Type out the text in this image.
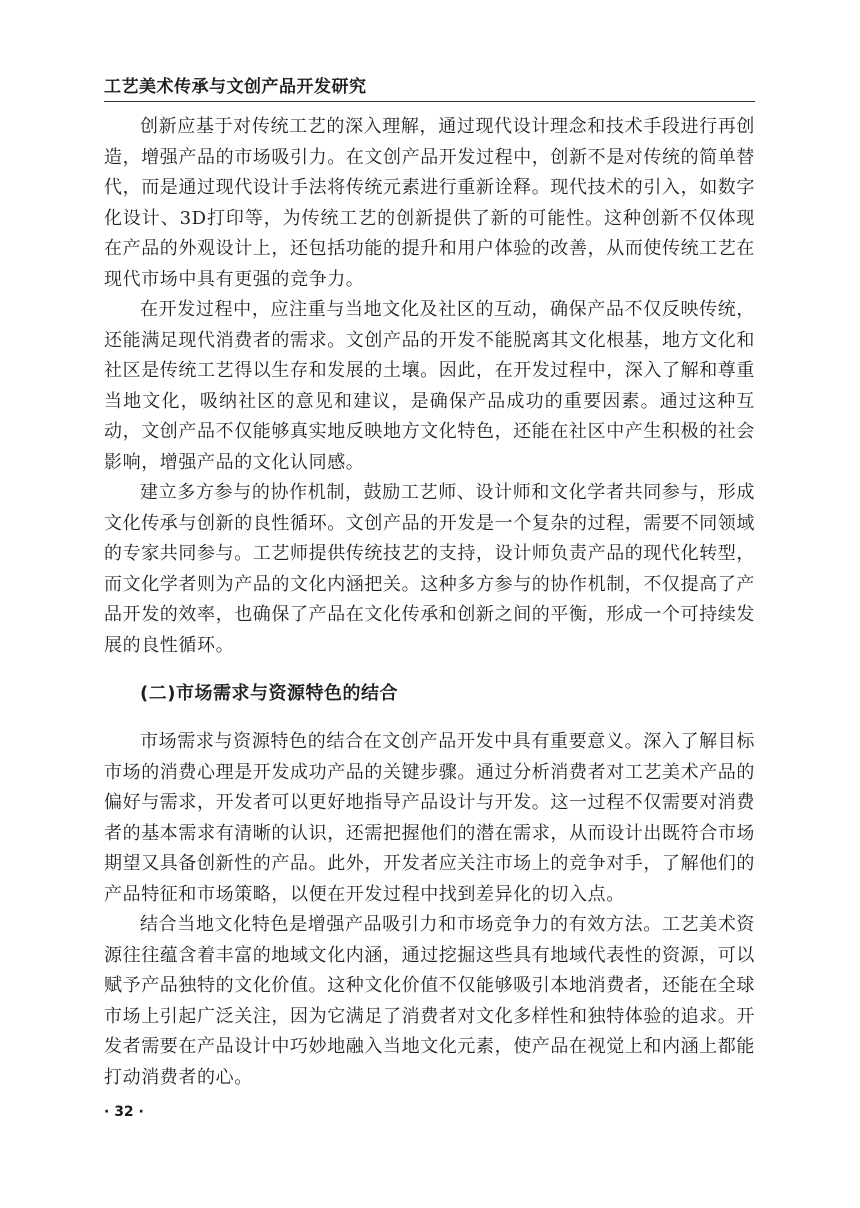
工艺美术传承与文创产品开发研究

创新应基于对传统工艺的深入理解，通过现代设计理念和技术手段进行再创造，增强产品的市场吸引力。在文创产品开发过程中，创新不是对传统的简单替代，而是通过现代设计手法将传统元素进行重新诠释。现代技术的引入，如数字化设计、3D打印等，为传统工艺的创新提供了新的可能性。这种创新不仅体现在产品的外观设计上，还包括功能的提升和用户体验的改善，从而使传统工艺在现代市场中具有更强的竞争力。

在开发过程中，应注重与当地文化及社区的互动，确保产品不仅反映传统，还能满足现代消费者的需求。文创产品的开发不能脱离其文化根基，地方文化和社区是传统工艺得以生存和发展的土壤。因此，在开发过程中，深入了解和尊重当地文化，吸纳社区的意见和建议，是确保产品成功的重要因素。通过这种互动，文创产品不仅能够真实地反映地方文化特色，还能在社区中产生积极的社会影响，增强产品的文化认同感。

建立多方参与的协作机制，鼓励工艺师、设计师和文化学者共同参与，形成文化传承与创新的良性循环。文创产品的开发是一个复杂的过程，需要不同领域的专家共同参与。工艺师提供传统技艺的支持，设计师负责产品的现代化转型，而文化学者则为产品的文化内涵把关。这种多方参与的协作机制，不仅提高了产品开发的效率，也确保了产品在文化传承和创新之间的平衡，形成一个可持续发展的良性循环。

(二)市场需求与资源特色的结合

市场需求与资源特色的结合在文创产品开发中具有重要意义。深入了解目标市场的消费心理是开发成功产品的关键步骤。通过分析消费者对工艺美术产品的偏好与需求，开发者可以更好地指导产品设计与开发。这一过程不仅需要对消费者的基本需求有清晰的认识，还需把握他们的潜在需求，从而设计出既符合市场期望又具备创新性的产品。此外，开发者应关注市场上的竞争对手，了解他们的产品特征和市场策略，以便在开发过程中找到差异化的切入点。

结合当地文化特色是增强产品吸引力和市场竞争力的有效方法。工艺美术资源往往蕴含着丰富的地域文化内涵，通过挖掘这些具有地域代表性的资源，可以赋予产品独特的文化价值。这种文化价值不仅能够吸引本地消费者，还能在全球市场上引起广泛关注，因为它满足了消费者对文化多样性和独特体验的追求。开发者需要在产品设计中巧妙地融入当地文化元素，使产品在视觉上和内涵上都能打动消费者的心。

· 32 ·
